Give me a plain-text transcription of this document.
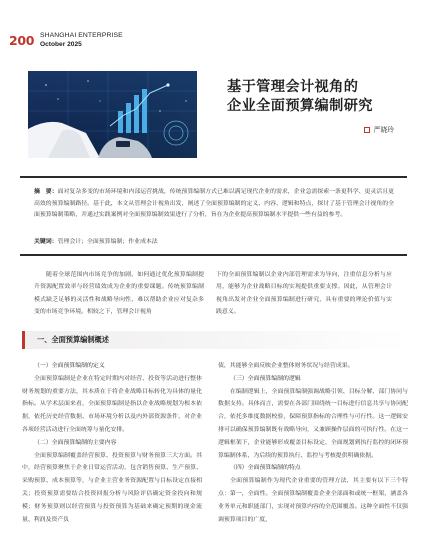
200 SHANGHAI ENTERPRISE
October 2025
基于管理会计视角的
企业全面预算编制研究
严晓玲

摘　要：面对复杂多变的市场环境和内部运营挑战，传统预算编制方式已难以满足现代企业的需求，企业急需探索一条更科学、更灵活且更高效的预算编制路径。基于此，本文从管理会计视角出发，阐述了全面预算编制的定义、内容、逻辑和特点，探讨了基于管理会计视角的全面预算编制策略，并通过实践案例对全面预算编制效果进行了分析，旨在为企业提高预算编制水平提供一些有益的参考。

关键词：管理会计；全面预算编制；作业成本法

随着全球范围内市场竞争的加剧，如何通过优化预算编制提升资源配置效率与经营绩效成为企业的重要课题。传统预算编制模式缺乏足够的灵活性和战略导向性，难以帮助企业应对复杂多变的市场竞争环境。相较之下，管理会计视角

下的全面预算编制以企业内部管理需求为导向，注重信息分析与应用，能够为企业战略目标的实现提供重要支撑。因此，从管理会计视角出发对企业全面预算编制进行研究，具有重要的理论价值与实践意义。

一、全面预算编制概述

（一）全面预算编制的定义

全面预算编制是企业在特定时期内对经营、投资等活动进行整体财务规划的重要方法，其本质在于将企业战略目标转化为具体的量化指标。从学术层面来看，全面预算编制是指以企业战略规划为根本依据，依托历史经营数据、市场环境分析以及内外部资源条件，对企业各项经营活动进行全面统筹与量化安排。

（二）全面预算编制的主要内容

全面预算编制覆盖经营预算、投资预算与财务预算三大方面。其中，经营预算聚焦于企业日常运营活动，包含销售预算、生产预算、采购预算、成本预算等，与企业主营业务资源配置与目标设定直接相关；投资预算需要结合投资回报分析与风险评估确定资金投向和规模；财务预算则以经营预算与投资预算为基础来确定预期的现金流量、利润及资产负

债，其能够全面反映企业整体财务状况与经营成果。

（三）全面预算编制的逻辑

在编制逻辑上，全面预算编制强调战略引领、目标分解、部门协同与数据支持。具体而言，需要在各部门围绕统一目标进行信息共享与协同配合，依托多维度数据校验，保障预算指标的合理性与可行性。这一逻辑安排可以确保预算编制既有战略导向，又兼顾操作层面的可执行性。在这一逻辑框架下，企业能够形成覆盖目标设定、全面规划到执行监控的闭环预算编制体系，为后续的预算执行、监控与考核提供明确依据。

（四）全面预算编制的特点

全面预算编制作为现代企业重要的管理方法，其主要有以下三个特点：第一，全面性。全面预算编制覆盖企业全部面和或统一框架，涵盖各业务单元和职能部门，实现对预算内容的全范围覆盖。这种全面性不仅强调预算项目的广度，
